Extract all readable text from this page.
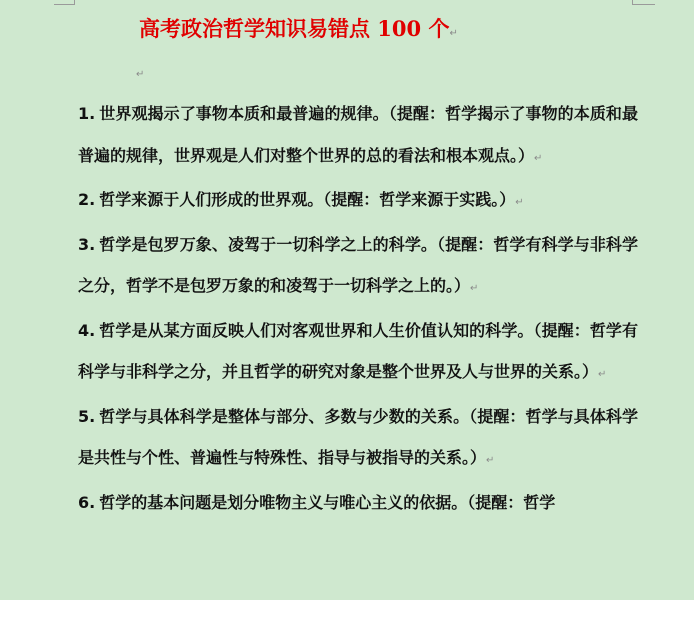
高考政治哲学知识易错点 100 个↵
↵

1. 世界观揭示了事物本质和最普遍的规律。（提醒：哲学揭示了事物的本质和最普遍的规律，世界观是人们对整个世界的总的看法和根本观点。）↵

2. 哲学来源于人们形成的世界观。（提醒：哲学来源于实践。）↵

3. 哲学是包罗万象、凌驾于一切科学之上的科学。（提醒：哲学有科学与非科学之分，哲学不是包罗万象的和凌驾于一切科学之上的。）↵

4. 哲学是从某方面反映人们对客观世界和人生价值认知的科学。（提醒：哲学有科学与非科学之分，并且哲学的研究对象是整个世界及人与世界的关系。）↵

5. 哲学与具体科学是整体与部分、多数与少数的关系。（提醒：哲学与具体科学是共性与个性、普遍性与特殊性、指导与被指导的关系。）↵

6. 哲学的基本问题是划分唯物主义与唯心主义的依据。（提醒：哲学
